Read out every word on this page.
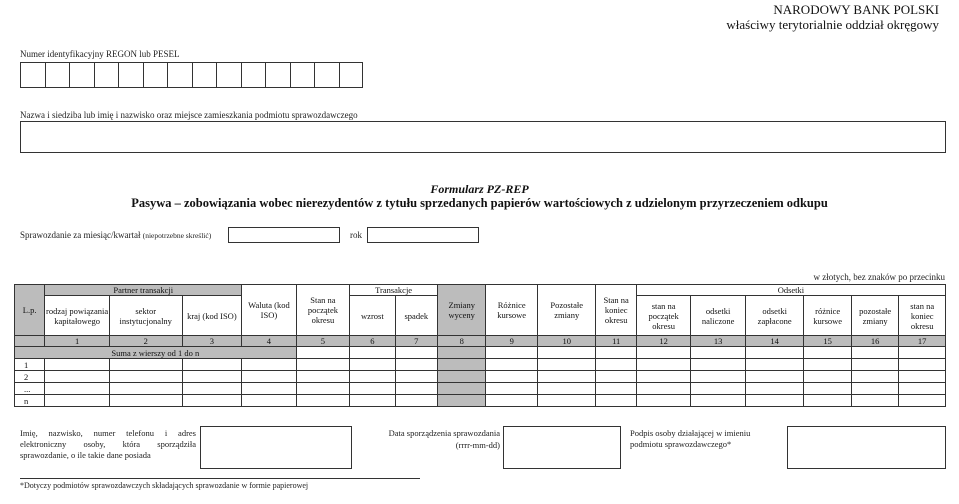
NARODOWY BANK POLSKI
właściwy terytorialnie oddział okręgowy
Numer identyfikacyjny REGON lub PESEL
Nazwa i siedziba lub imię i nazwisko oraz miejsce zamieszkania podmiotu sprawozdawczego
Formularz PZ-REP
Pasywa – zobowiązania wobec nierezydentów z tytułu sprzedanych papierów wartościowych z udzielonym przyrzeczeniem odkupu
Sprawozdanie za miesiąc/kwartał (niepotrzebne skreślić)	rok
w złotych, bez znaków po przecinku
L.p.	Partner transakcji			Waluta (kod ISO)	Stan na początek okresu	Transakcje		Zmiany wyceny	Różnice kursowe	Pozostałe zmiany	Stan na koniec okresu	Odsetki					
	rodzaj powiązania kapitałowego	sektor instytucjonalny	kraj (kod ISO)			wzrost	spadek					stan na początek okresu	odsetki naliczone	odsetki zapłacone	różnice kursowe	pozostałe zmiany	stan na koniec okresu
	1	2	3	4	5	6	7	8	9	10	11	12	13	14	15	16	17
Suma z wierszy od 1 do n																	
1																	
2																	
...																	
n																	
Imię, nazwisko, numer telefonu i adres elektroniczny osoby, która sporządziła sprawozdanie, o ile takie dane posiada
Data sporządzenia sprawozdania
(rrrr-mm-dd)
Podpis osoby działającej w imieniu podmiotu sprawozdawczego*
*Dotyczy podmiotów sprawozdawczych składających sprawozdanie w formie papierowej
